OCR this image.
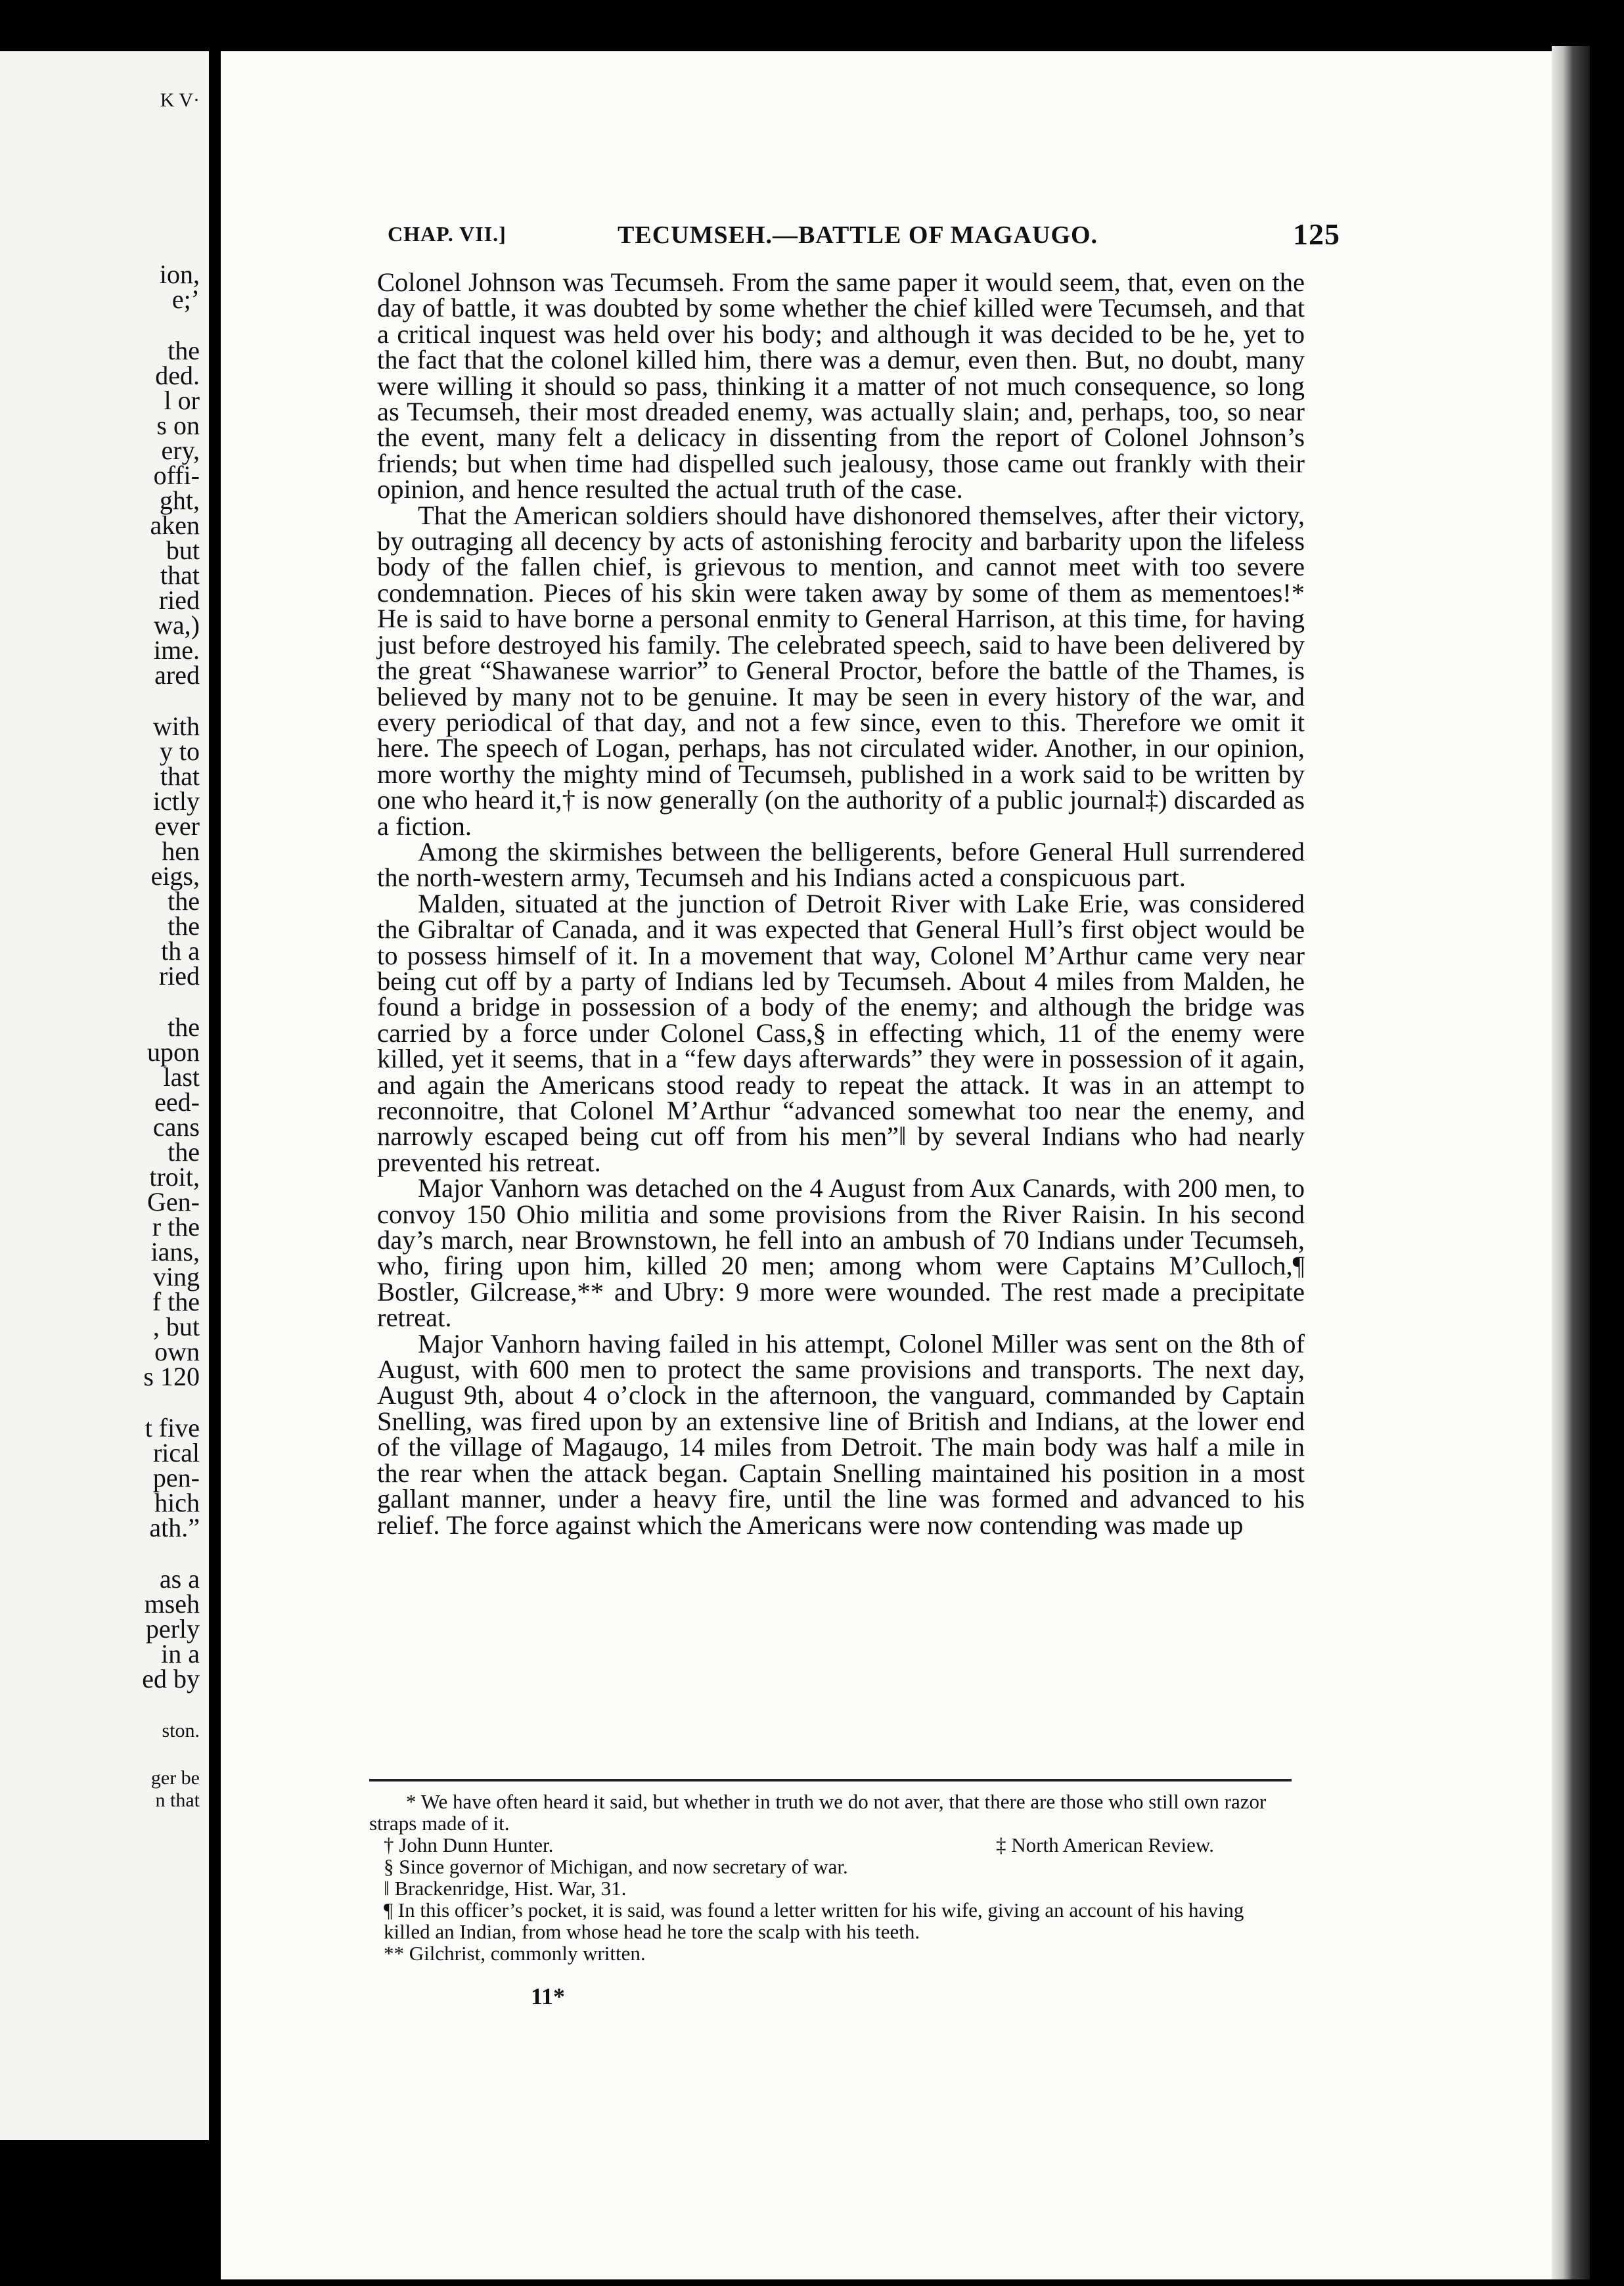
K V·
ion,
e;’
the
ded.
l or
s on
ery,
offi-
ght,
aken
but
that
ried
wa,)
ime.
ared
with
y to
that
ictly
ever
hen
eigs,
the
the
th a
ried
the
upon
last
eed-
cans
the
troit,
Gen-
r the
ians,
ving
f the
, but
own
s 120
t five
rical
pen-
hich
ath.”
as a
mseh
perly
in a
ed by
ston.
ger be
n that
CHAP. VII.]	TECUMSEH.—BATTLE OF MAGAUGO.	125

Colonel Johnson was Tecumseh. From the same paper it would seem, that, even on the day of battle, it was doubted by some whether the chief killed were Tecumseh, and that a critical inquest was held over his body; and although it was decided to be he, yet to the fact that the colonel killed him, there was a demur, even then. But, no doubt, many were willing it should so pass, thinking it a matter of not much consequence, so long as Tecumseh, their most dreaded enemy, was actually slain; and, perhaps, too, so near the event, many felt a delicacy in dissenting from the report of Colonel Johnson’s friends; but when time had dispelled such jealousy, those came out frankly with their opinion, and hence resulted the actual truth of the case.

That the American soldiers should have dishonored themselves, after their victory, by outraging all decency by acts of astonishing ferocity and barbarity upon the lifeless body of the fallen chief, is grievous to mention, and cannot meet with too severe condemnation. Pieces of his skin were taken away by some of them as mementoes!* He is said to have borne a personal enmity to General Harrison, at this time, for having just before destroyed his family. The celebrated speech, said to have been delivered by the great “Shawanese warrior” to General Proctor, before the battle of the Thames, is believed by many not to be genuine. It may be seen in every history of the war, and every periodical of that day, and not a few since, even to this. Therefore we omit it here. The speech of Logan, perhaps, has not circulated wider. Another, in our opinion, more worthy the mighty mind of Tecumseh, published in a work said to be written by one who heard it,† is now generally (on the authority of a public journal‡) discarded as a fiction.

Among the skirmishes between the belligerents, before General Hull surrendered the north-western army, Tecumseh and his Indians acted a conspicuous part.

Malden, situated at the junction of Detroit River with Lake Erie, was considered the Gibraltar of Canada, and it was expected that General Hull’s first object would be to possess himself of it. In a movement that way, Colonel M’Arthur came very near being cut off by a party of Indians led by Tecumseh. About 4 miles from Malden, he found a bridge in possession of a body of the enemy; and although the bridge was carried by a force under Colonel Cass,§ in effecting which, 11 of the enemy were killed, yet it seems, that in a “few days afterwards” they were in possession of it again, and again the Americans stood ready to repeat the attack. It was in an attempt to reconnoitre, that Colonel M’Arthur “advanced somewhat too near the enemy, and narrowly escaped being cut off from his men”‖ by several Indians who had nearly prevented his retreat.

Major Vanhorn was detached on the 4 August from Aux Canards, with 200 men, to convoy 150 Ohio militia and some provisions from the River Raisin. In his second day’s march, near Brownstown, he fell into an ambush of 70 Indians under Tecumseh, who, firing upon him, killed 20 men; among whom were Captains M’Culloch,¶ Bostler, Gilcrease,** and Ubry: 9 more were wounded. The rest made a precipitate retreat.

Major Vanhorn having failed in his attempt, Colonel Miller was sent on the 8th of August, with 600 men to protect the same provisions and transports. The next day, August 9th, about 4 o’clock in the afternoon, the vanguard, commanded by Captain Snelling, was fired upon by an extensive line of British and Indians, at the lower end of the village of Magaugo, 14 miles from Detroit. The main body was half a mile in the rear when the attack began. Captain Snelling maintained his position in a most gallant manner, under a heavy fire, until the line was formed and advanced to his relief. The force against which the Americans were now contending was made up

* We have often heard it said, but whether in truth we do not aver, that there are those who still own razor straps made of it.

† John Dunn Hunter.	‡ North American Review.

§ Since governor of Michigan, and now secretary of war.

‖ Brackenridge, Hist. War, 31.

¶ In this officer’s pocket, it is said, was found a letter written for his wife, giving an account of his having killed an Indian, from whose head he tore the scalp with his teeth.

** Gilchrist, commonly written.

11*
